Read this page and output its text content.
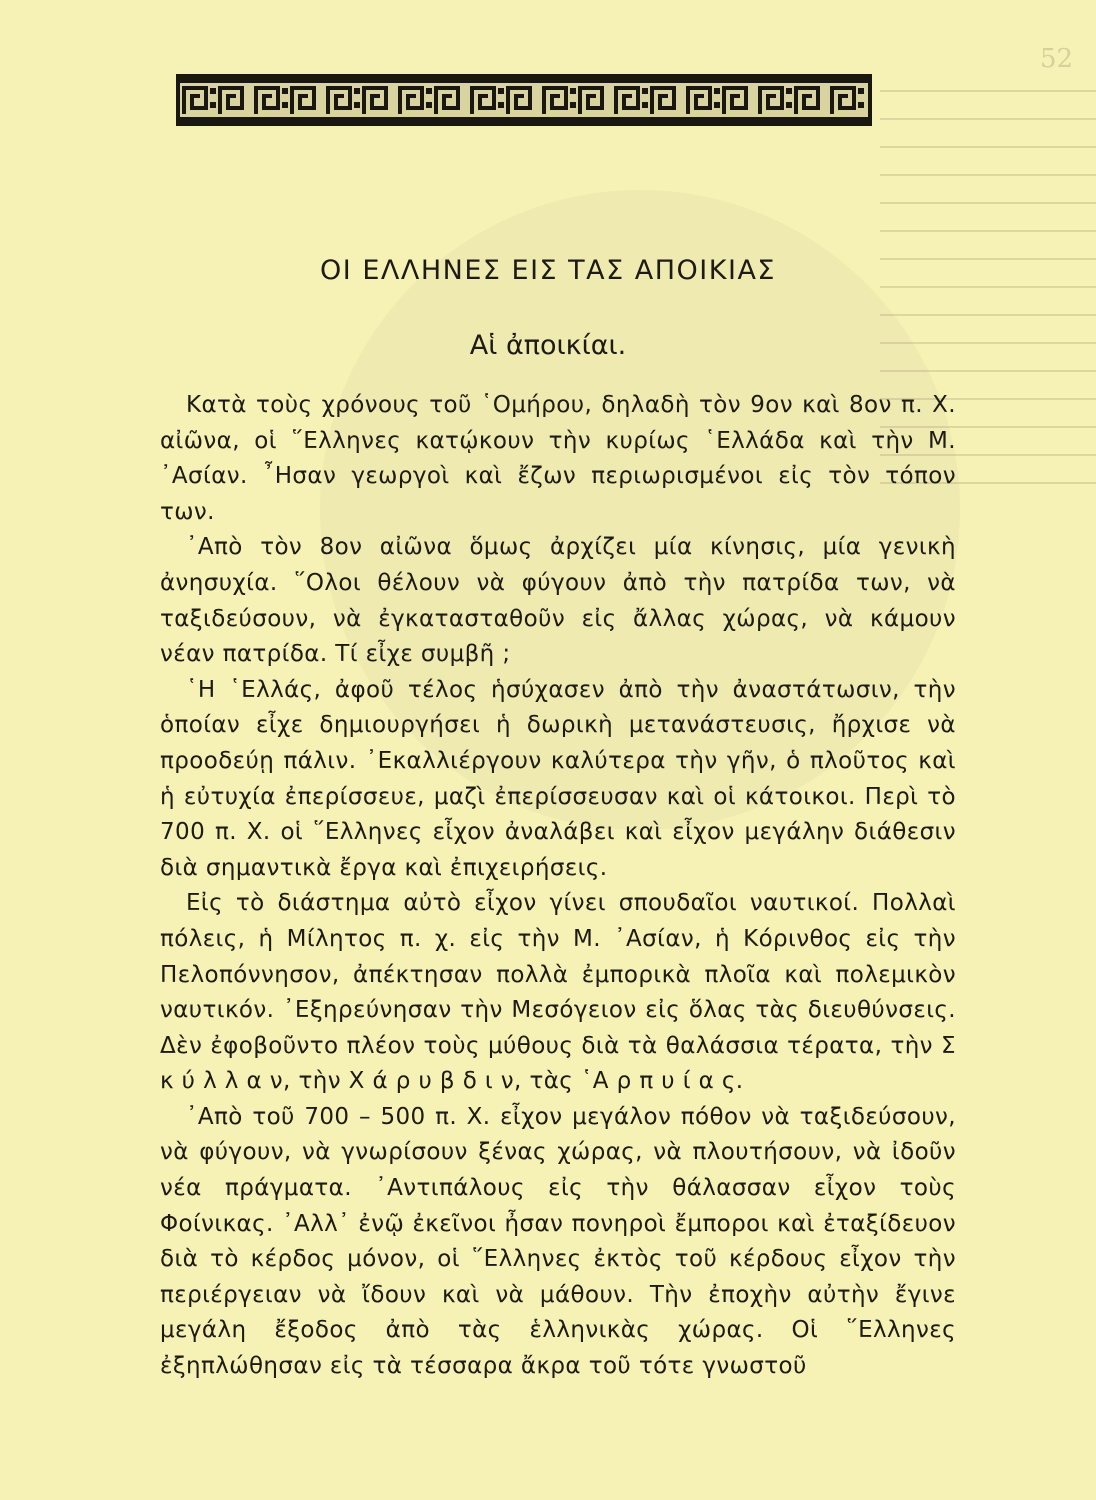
52
ΟΙ ΕΛΛΗΝΕΣ ΕΙΣ ΤΑΣ ΑΠΟΙΚΙΑΣ
Αἱ ἀποικίαι.

Κατὰ τοὺς χρόνους τοῦ ῾Ομήρου, δηλαδὴ τὸν 9ον καὶ 8ον π. Χ. αἰῶνα, οἱ ῞Ελληνες κατῴκουν τὴν κυρίως ῾Ελλάδα καὶ τὴν Μ. ᾿Ασίαν. ῏Ησαν γεωργοὶ καὶ ἔζων περιωρισμένοι εἰς τὸν τόπον των.

᾿Απὸ τὸν 8ον αἰῶνα ὅμως ἀρχίζει μία κίνησις, μία γενικὴ ἀνησυχία. ῞Ολοι θέλουν νὰ φύγουν ἀπὸ τὴν πατρίδα των, νὰ ταξιδεύσουν, νὰ ἐγκατασταθοῦν εἰς ἄλλας χώρας, νὰ κάμουν νέαν πατρίδα. Τί εἶχε συμβῆ ;

῾Η ῾Ελλάς, ἀφοῦ τέλος ἡσύχασεν ἀπὸ τὴν ἀναστάτωσιν, τὴν ὁποίαν εἶχε δημιουργήσει ἡ δωρικὴ μετανάστευσις, ἤρχισε νὰ προοδεύῃ πάλιν. ᾿Εκαλλιέργουν καλύτερα τὴν γῆν, ὁ πλοῦτος καὶ ἡ εὐτυχία ἐπερίσσευε, μαζὶ ἐπερίσσευσαν καὶ οἱ κάτοικοι. Περὶ τὸ 700 π. Χ. οἱ ῞Ελληνες εἶχον ἀναλάβει καὶ εἶχον μεγάλην διάθεσιν διὰ σημαντικὰ ἔργα καὶ ἐπιχειρήσεις.

Εἰς τὸ διάστημα αὐτὸ εἶχον γίνει σπουδαῖοι ναυτικοί. Πολλαὶ πόλεις, ἡ Μίλητος π. χ. εἰς τὴν Μ. ᾿Ασίαν, ἡ Κόρινθος εἰς τὴν Πελοπόννησον, ἀπέκτησαν πολλὰ ἐμπορικὰ πλοῖα καὶ πολεμικὸν ναυτικόν. ᾿Εξηρεύνησαν τὴν Μεσόγειον εἰς ὅλας τὰς διευθύνσεις. Δὲν ἐφοβοῦντο πλέον τοὺς μύθους διὰ τὰ θαλάσσια τέρατα, τὴν Σ κ ύ λ λ α ν, τὴν Χ ά ρ υ β δ ι ν, τὰς ῾Α ρ π υ ί α ς.

᾿Απὸ τοῦ 700 – 500 π. Χ. εἶχον μεγάλον πόθον νὰ ταξιδεύσουν, νὰ φύγουν, νὰ γνωρίσουν ξένας χώρας, νὰ πλουτήσουν, νὰ ἰδοῦν νέα πράγματα. ᾿Αντιπάλους εἰς τὴν θάλασσαν εἶχον τοὺς Φοίνικας. ᾿Αλλ᾿ ἐνῷ ἐκεῖνοι ἦσαν πονηροὶ ἔμποροι καὶ ἐταξίδευον διὰ τὸ κέρδος μόνον, οἱ ῞Ελληνες ἐκτὸς τοῦ κέρδους εἶχον τὴν περιέργειαν νὰ ἴδουν καὶ νὰ μάθουν. Τὴν ἐποχὴν αὐτὴν ἔγινε μεγάλη ἔξοδος ἀπὸ τὰς ἑλληνικὰς χώρας. Οἱ ῞Ελληνες ἐξηπλώθησαν εἰς τὰ τέσσαρα ἄκρα τοῦ τότε γνωστοῦ
